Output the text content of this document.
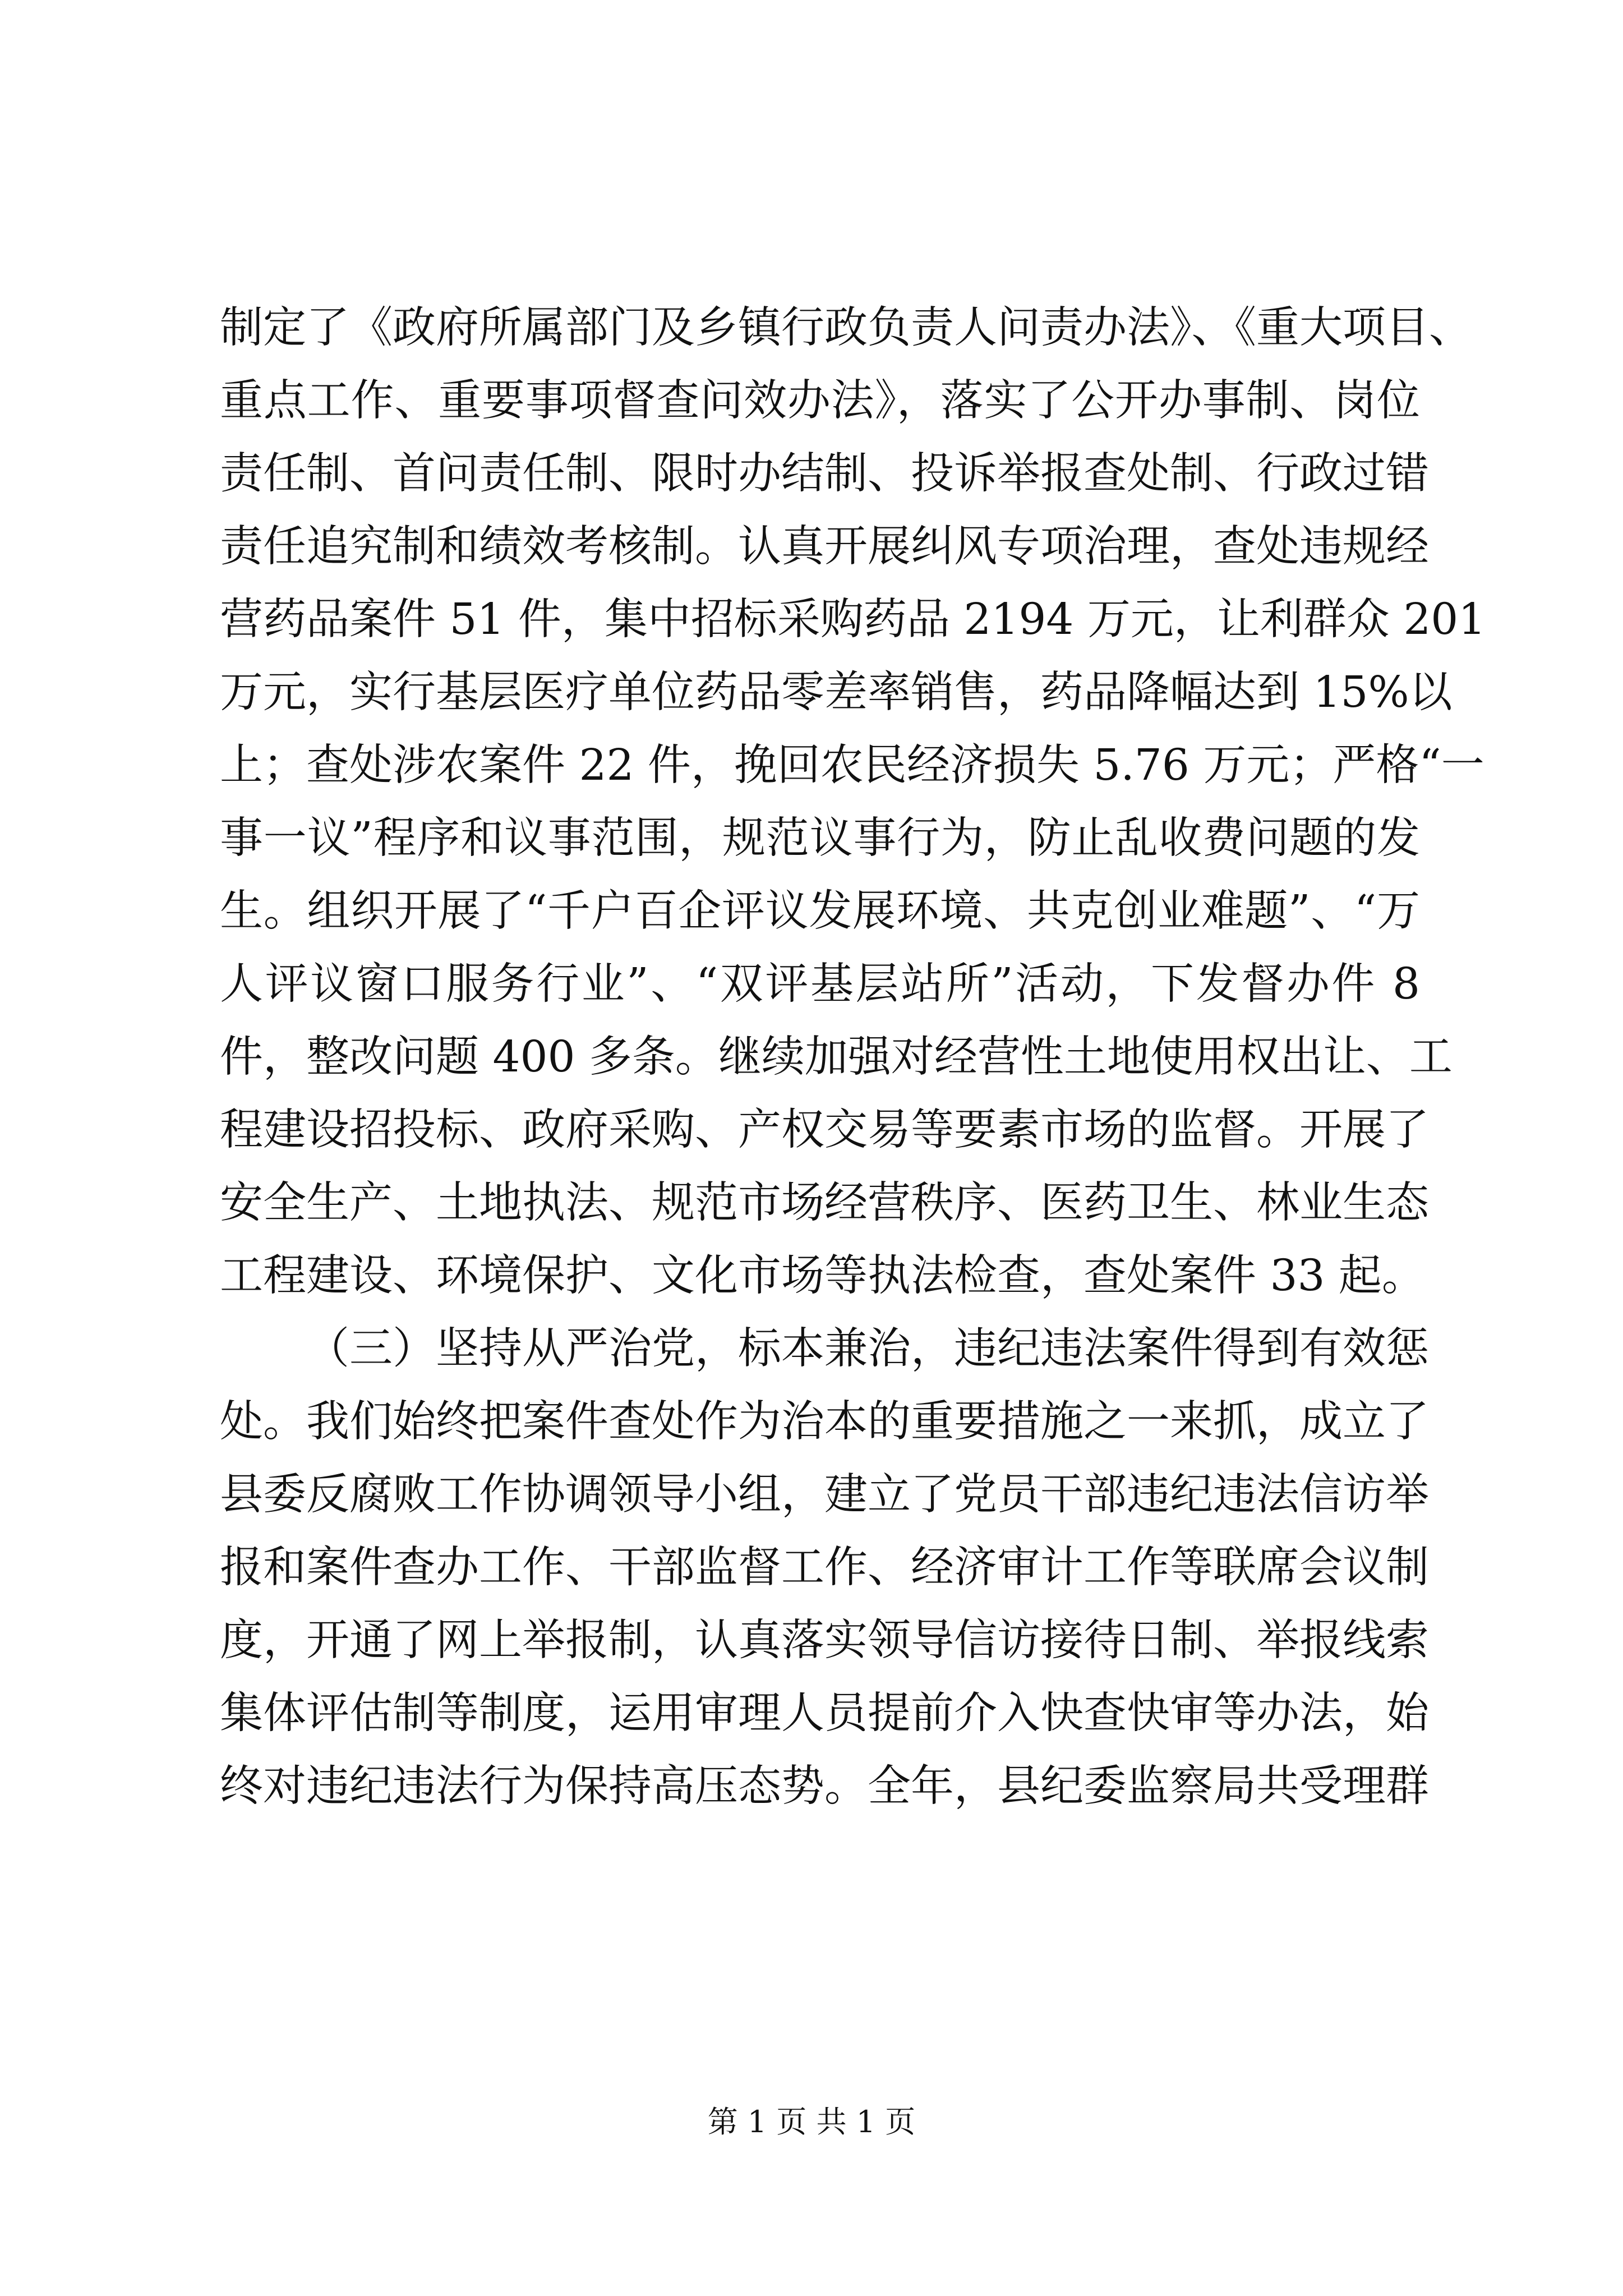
制定了《政府所属部门及乡镇行政负责人问责办法》、《重大项目、
重点工作、重要事项督查问效办法》，落实了公开办事制、岗位
责任制、首问责任制、限时办结制、投诉举报查处制、行政过错
责任追究制和绩效考核制。认真开展纠风专项治理，查处违规经
营药品案件 51 件，集中招标采购药品 2194 万元，让利群众 201
万元，实行基层医疗单位药品零差率销售，药品降幅达到 15%以
上；查处涉农案件 22 件，挽回农民经济损失 5.76 万元；严格“一
事一议”程序和议事范围，规范议事行为，防止乱收费问题的发
生。组织开展了“千户百企评议发展环境、共克创业难题”、“万
人评议窗口服务行业”、“双评基层站所”活动，下发督办件 8
件，整改问题 400 多条。继续加强对经营性土地使用权出让、工
程建设招投标、政府采购、产权交易等要素市场的监督。开展了
安全生产、土地执法、规范市场经营秩序、医药卫生、林业生态
工程建设、环境保护、文化市场等执法检查，查处案件 33 起。
（三）坚持从严治党，标本兼治，违纪违法案件得到有效惩
处。我们始终把案件查处作为治本的重要措施之一来抓，成立了
县委反腐败工作协调领导小组，建立了党员干部违纪违法信访举
报和案件查办工作、干部监督工作、经济审计工作等联席会议制
度，开通了网上举报制，认真落实领导信访接待日制、举报线索
集体评估制等制度，运用审理人员提前介入快查快审等办法，始
终对违纪违法行为保持高压态势。全年，县纪委监察局共受理群
第 1 页 共 1 页
